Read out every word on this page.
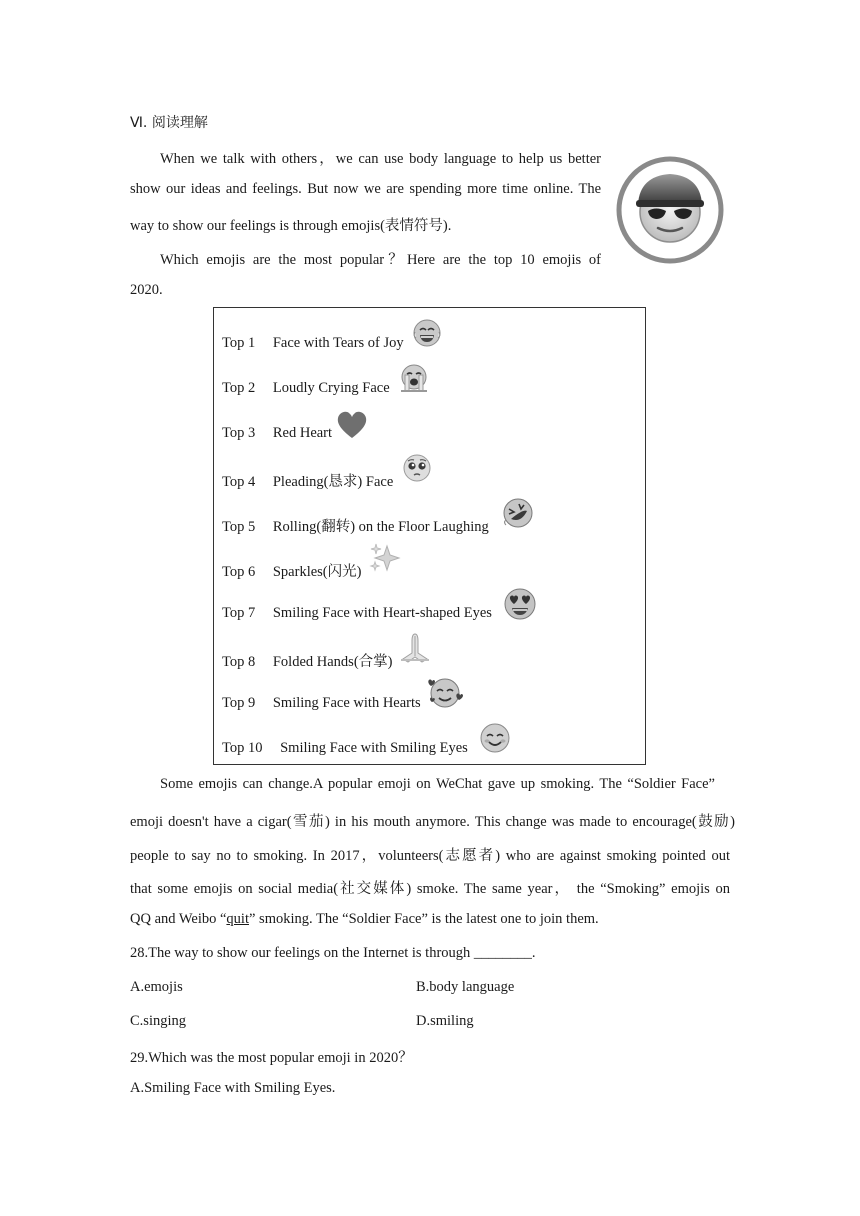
Ⅵ. 阅读理解
When we talk with others，we can use body language to help us better
show our ideas and feelings. But now we are spending more time online. The
way to show our feelings is through emojis(表情符号).
Which emojis are the most popular？Here are the top 10 emojis of
2020.
Top 1 Face with Tears of Joy
Top 2 Loudly Crying Face
Top 3 Red Heart
Top 4 Pleading(恳求) Face
Top 5 Rolling(翻转) on the Floor Laughing
Top 6 Sparkles(闪光)
Top 7 Smiling Face with Heart-shaped Eyes
Top 8 Folded Hands(合掌)
Top 9 Smiling Face with Hearts
Top 10 Smiling Face with Smiling Eyes
Some emojis can change.A popular emoji on WeChat gave up smoking. The “Soldier Face”
emoji doesn't have a cigar(雪茄) in his mouth anymore. This change was made to encourage(鼓励)
people to say no to smoking. In 2017，volunteers(志愿者) who are against smoking pointed out
that some emojis on social media(社交媒体) smoke. The same year， the “Smoking” emojis on
QQ and Weibo “quit” smoking. The “Soldier Face” is the latest one to join them.
28.The way to show our feelings on the Internet is through ________.
A.emojis	B.body language
C.singing	D.smiling
29.Which was the most popular emoji in 2020？
A.Smiling Face with Smiling Eyes.
